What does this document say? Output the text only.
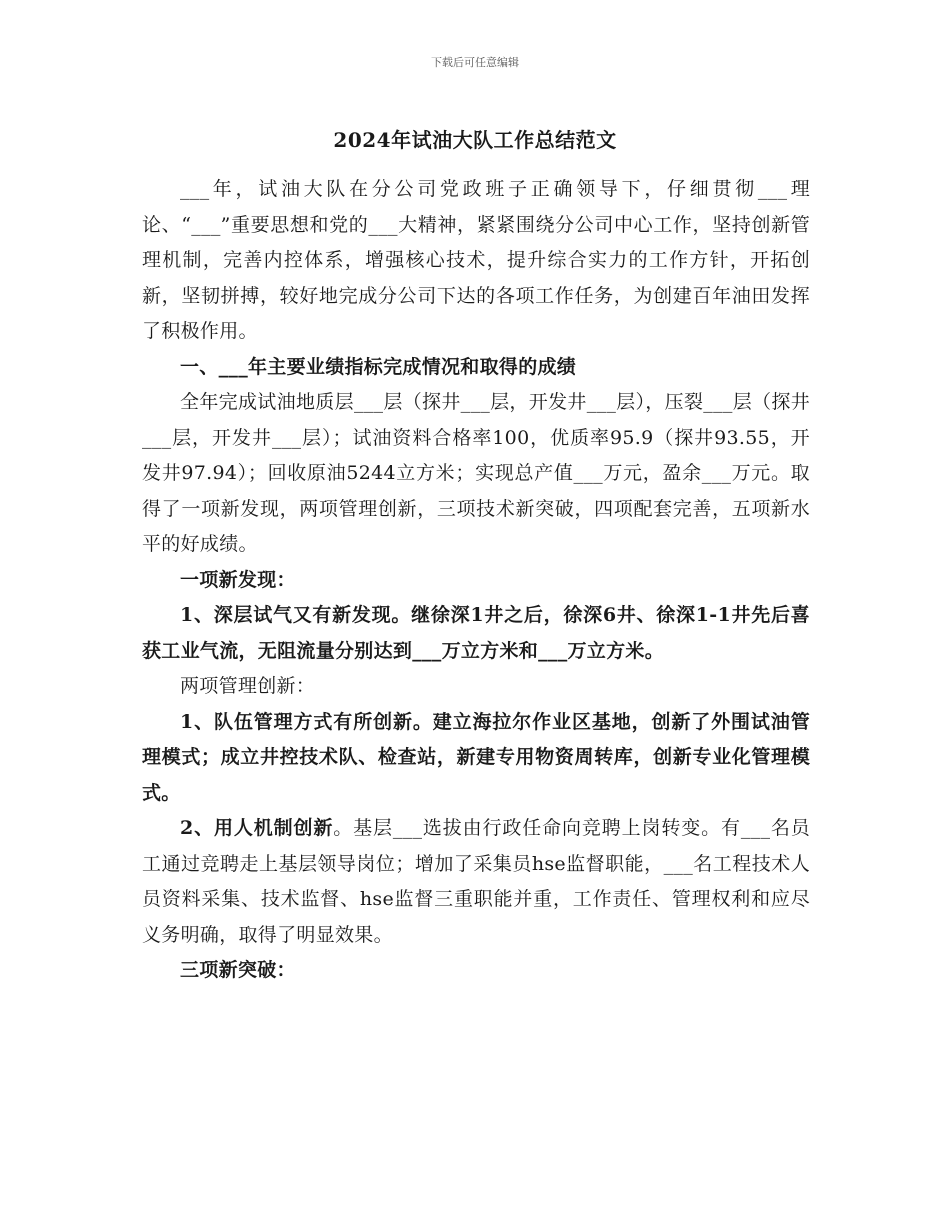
下载后可任意编辑
2024年试油大队工作总结范文

___年，试油大队在分公司党政班子正确领导下，仔细贯彻___理论、“___”重要思想和党的___大精神，紧紧围绕分公司中心工作，坚持创新管理机制，完善内控体系，增强核心技术，提升综合实力的工作方针，开拓创新，坚韧拼搏，较好地完成分公司下达的各项工作任务，为创建百年油田发挥了积极作用。

一、___年主要业绩指标完成情况和取得的成绩

全年完成试油地质层___层（探井___层，开发井___层），压裂___层（探井___层，开发井___层）；试油资料合格率100，优质率95.9（探井93.55，开发井97.94）；回收原油5244立方米；实现总产值___万元，盈余___万元。取得了一项新发现，两项管理创新，三项技术新突破，四项配套完善，五项新水平的好成绩。

一项新发现：

1、深层试气又有新发现。继徐深1井之后，徐深6井、徐深1-1井先后喜获工业气流，无阻流量分别达到___万立方米和___万立方米。

两项管理创新：

1、队伍管理方式有所创新。建立海拉尔作业区基地，创新了外围试油管理模式；成立井控技术队、检查站，新建专用物资周转库，创新专业化管理模式。

2、用人机制创新。基层___选拔由行政任命向竞聘上岗转变。有___名员工通过竞聘走上基层领导岗位；增加了采集员hse监督职能，___名工程技术人员资料采集、技术监督、hse监督三重职能并重，工作责任、管理权利和应尽义务明确，取得了明显效果。

三项新突破：
